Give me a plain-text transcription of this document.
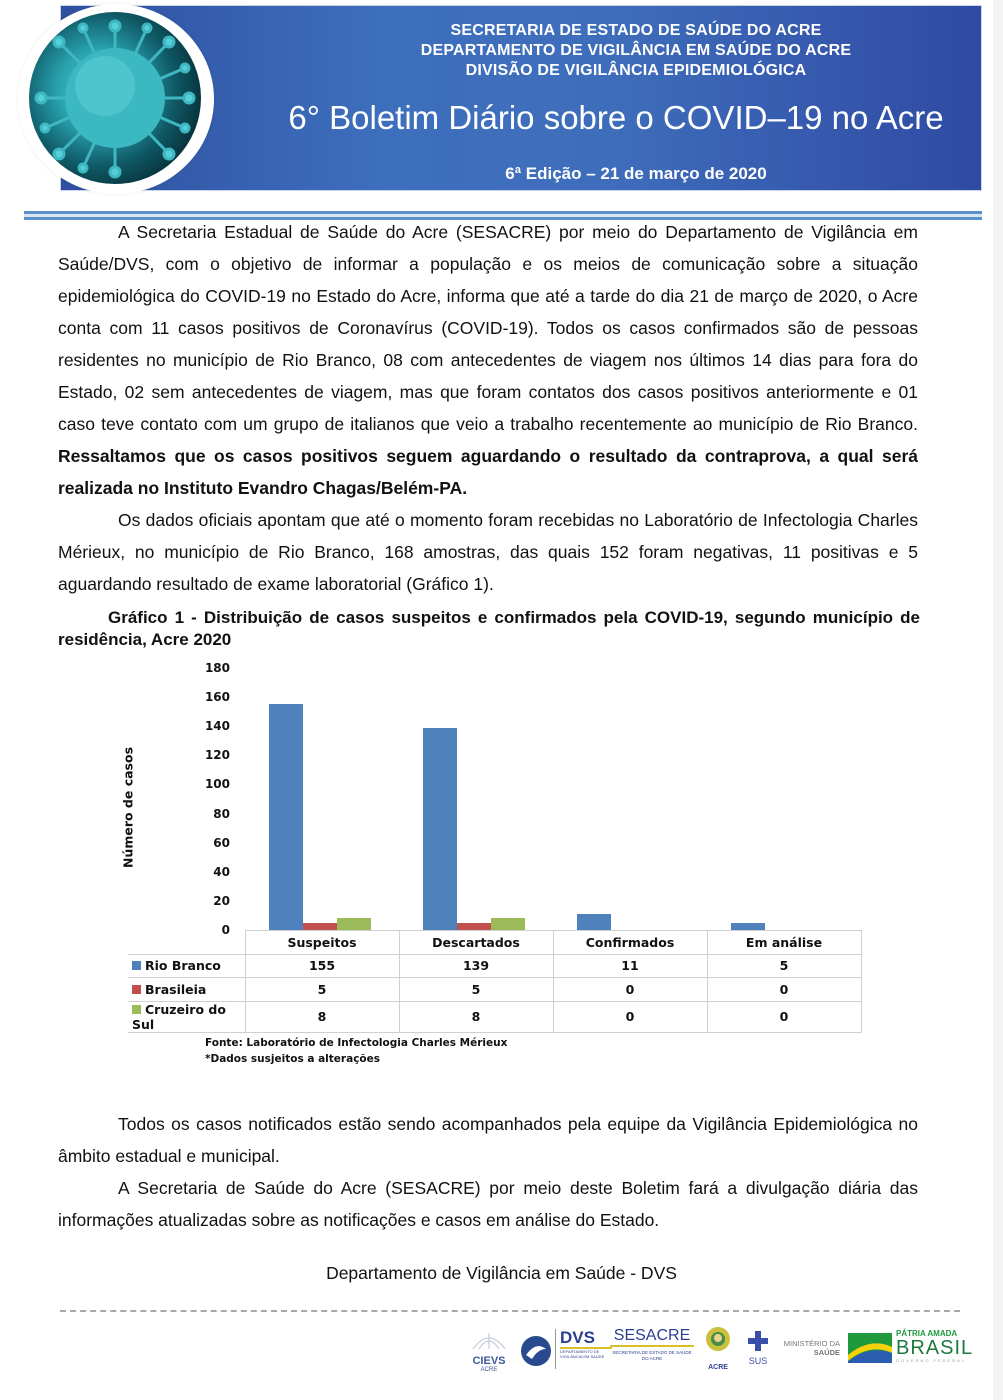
SECRETARIA DE ESTADO DE SAÚDE DO ACRE
DEPARTAMENTO DE VIGILÂNCIA EM SAÚDE DO ACRE
DIVISÃO DE VIGILÂNCIA EPIDEMIOLÓGICA
6° Boletim Diário sobre o COVID–19 no Acre
6ª Edição – 21 de março de 2020

A Secretaria Estadual de Saúde do Acre (SESACRE) por meio do Departamento de Vigilância em Saúde/DVS, com o objetivo de informar a população e os meios de comunicação sobre a situação epidemiológica do COVID-19 no Estado do Acre, informa que até a tarde do dia 21 de março de 2020, o Acre conta com 11 casos positivos de Coronavírus (COVID-19). Todos os casos confirmados são de pessoas residentes no município de Rio Branco, 08 com antecedentes de viagem nos últimos 14 dias para fora do Estado, 02 sem antecedentes de viagem, mas que foram contatos dos casos positivos anteriormente e 01 caso teve contato com um grupo de italianos que veio a trabalho recentemente ao município de Rio Branco. Ressaltamos que os casos positivos seguem aguardando o resultado da contraprova, a qual será realizada no Instituto Evandro Chagas/Belém-PA.

Os dados oficiais apontam que até o momento foram recebidas no Laboratório de Infectologia Charles Mérieux, no município de Rio Branco, 168 amostras, das quais 152 foram negativas, 11 positivas e 5 aguardando resultado de exame laboratorial (Gráfico 1).

Gráfico 1 - Distribuição de casos suspeitos e confirmados pela COVID-19, segundo município de residência, Acre 2020
Número de casos
0
20
40
60
80
100
120
140
160
180
	Suspeitos	Descartados	Confirmados	Em análise
Rio Branco	155	139	11	5
Brasileia	5	5	0	0
Cruzeiro do Sul	8	8	0	0
Fonte: Laboratório de Infectologia Charles Mérieux
*Dados susjeitos a alterações

Todos os casos notificados estão sendo acompanhados pela equipe da Vigilância Epidemiológica no âmbito estadual e municipal.

A Secretaria de Saúde do Acre (SESACRE) por meio deste Boletim fará a divulgação diária das informações atualizadas sobre as notificações e casos em análise do Estado.

Departamento de Vigilância em Saúde - DVS
CIEVS
ACRE
DVS
DEPARTAMENTO DE VIGILÂNCIA EM SAÚDE
SESACRE
SECRETARIA DE ESTADO DE SAÚDE DO ACRE
ACRE
SUS
MINISTÉRIO DA
SAÚDE
PÁTRIA AMADA
BRASIL
GOVERNO FEDERAL
